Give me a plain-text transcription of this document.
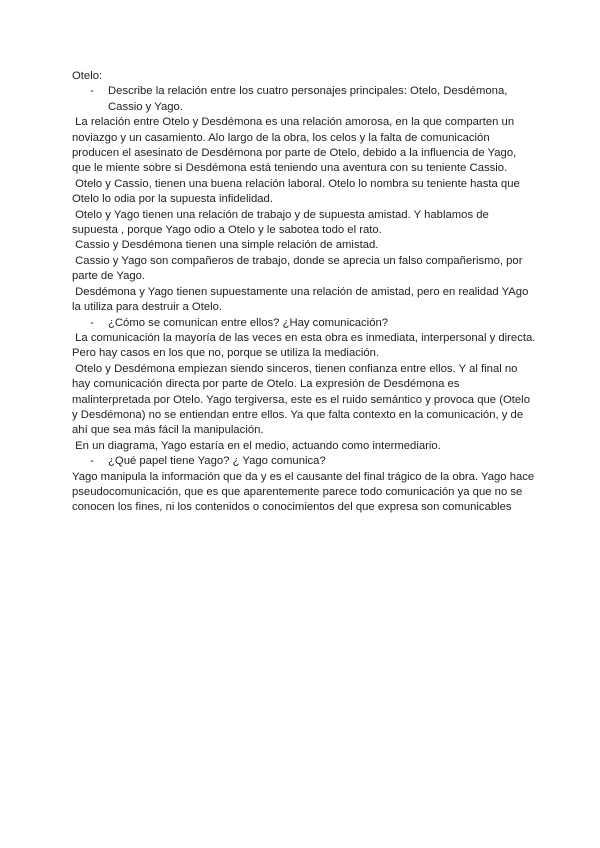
Otelo:
- Describe la relación entre los cuatro personajes principales: Otelo, Desdémona,
Cassio y Yago.
La relación entre Otelo y Desdémona es una relación amorosa, en la que comparten un
noviazgo y un casamiento. Alo largo de la obra, los celos y la falta de comunicación
producen el asesinato de Desdémona por parte de Otelo, debido a la influencia de Yago,
que le miente sobre si Desdémona está teniendo una aventura con su teniente Cassio.
Otelo y Cassio, tienen una buena relación laboral. Otelo lo nombra su teniente hasta que
Otelo lo odia por la supuesta infidelidad.
Otelo y Yago tienen una relación de trabajo y de supuesta amistad. Y hablamos de
supuesta , porque Yago odio a Otelo y le sabotea todo el rato.
Cassio y Desdémona tienen una simple relación de amistad.
Cassio y Yago son compañeros de trabajo, donde se aprecia un falso compañerismo, por
parte de Yago.
Desdémona y Yago tienen supuestamente una relación de amistad, pero en realidad YAgo
la utiliza para destruir a Otelo.
- ¿Cómo se comunican entre ellos? ¿Hay comunicación?
La comunicación la mayoría de las veces en esta obra es inmediata, interpersonal y directa.
Pero hay casos en los que no, porque se utiliza la mediación.
Otelo y Desdémona empiezan siendo sinceros, tienen confianza entre ellos. Y al final no
hay comunicación directa por parte de Otelo. La expresión de Desdémona es
malinterpretada por Otelo. Yago tergiversa, este es el ruido semántico y provoca que (Otelo
y Desdémona) no se entiendan entre ellos. Ya que falta contexto en la comunicación, y de
ahí que sea más fácil la manipulación.
En un diagrama, Yago estaría en el medio, actuando como intermediario.
- ¿Qué papel tiene Yago? ¿ Yago comunica?
Yago manipula la información que da y es el causante del final trágico de la obra. Yago hace
pseudocomunicación, que es que aparentemente parece todo comunicación ya que no se
conocen los fines, ni los contenidos o conocimientos del que expresa son comunicables
